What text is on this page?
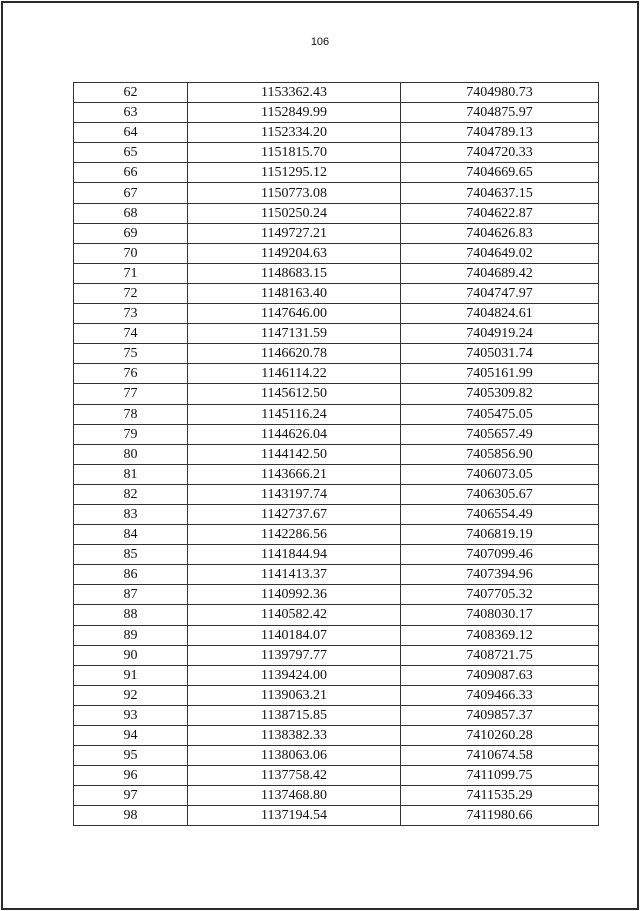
106
62	1153362.43	7404980.73
63	1152849.99	7404875.97
64	1152334.20	7404789.13
65	1151815.70	7404720.33
66	1151295.12	7404669.65
67	1150773.08	7404637.15
68	1150250.24	7404622.87
69	1149727.21	7404626.83
70	1149204.63	7404649.02
71	1148683.15	7404689.42
72	1148163.40	7404747.97
73	1147646.00	7404824.61
74	1147131.59	7404919.24
75	1146620.78	7405031.74
76	1146114.22	7405161.99
77	1145612.50	7405309.82
78	1145116.24	7405475.05
79	1144626.04	7405657.49
80	1144142.50	7405856.90
81	1143666.21	7406073.05
82	1143197.74	7406305.67
83	1142737.67	7406554.49
84	1142286.56	7406819.19
85	1141844.94	7407099.46
86	1141413.37	7407394.96
87	1140992.36	7407705.32
88	1140582.42	7408030.17
89	1140184.07	7408369.12
90	1139797.77	7408721.75
91	1139424.00	7409087.63
92	1139063.21	7409466.33
93	1138715.85	7409857.37
94	1138382.33	7410260.28
95	1138063.06	7410674.58
96	1137758.42	7411099.75
97	1137468.80	7411535.29
98	1137194.54	7411980.66
